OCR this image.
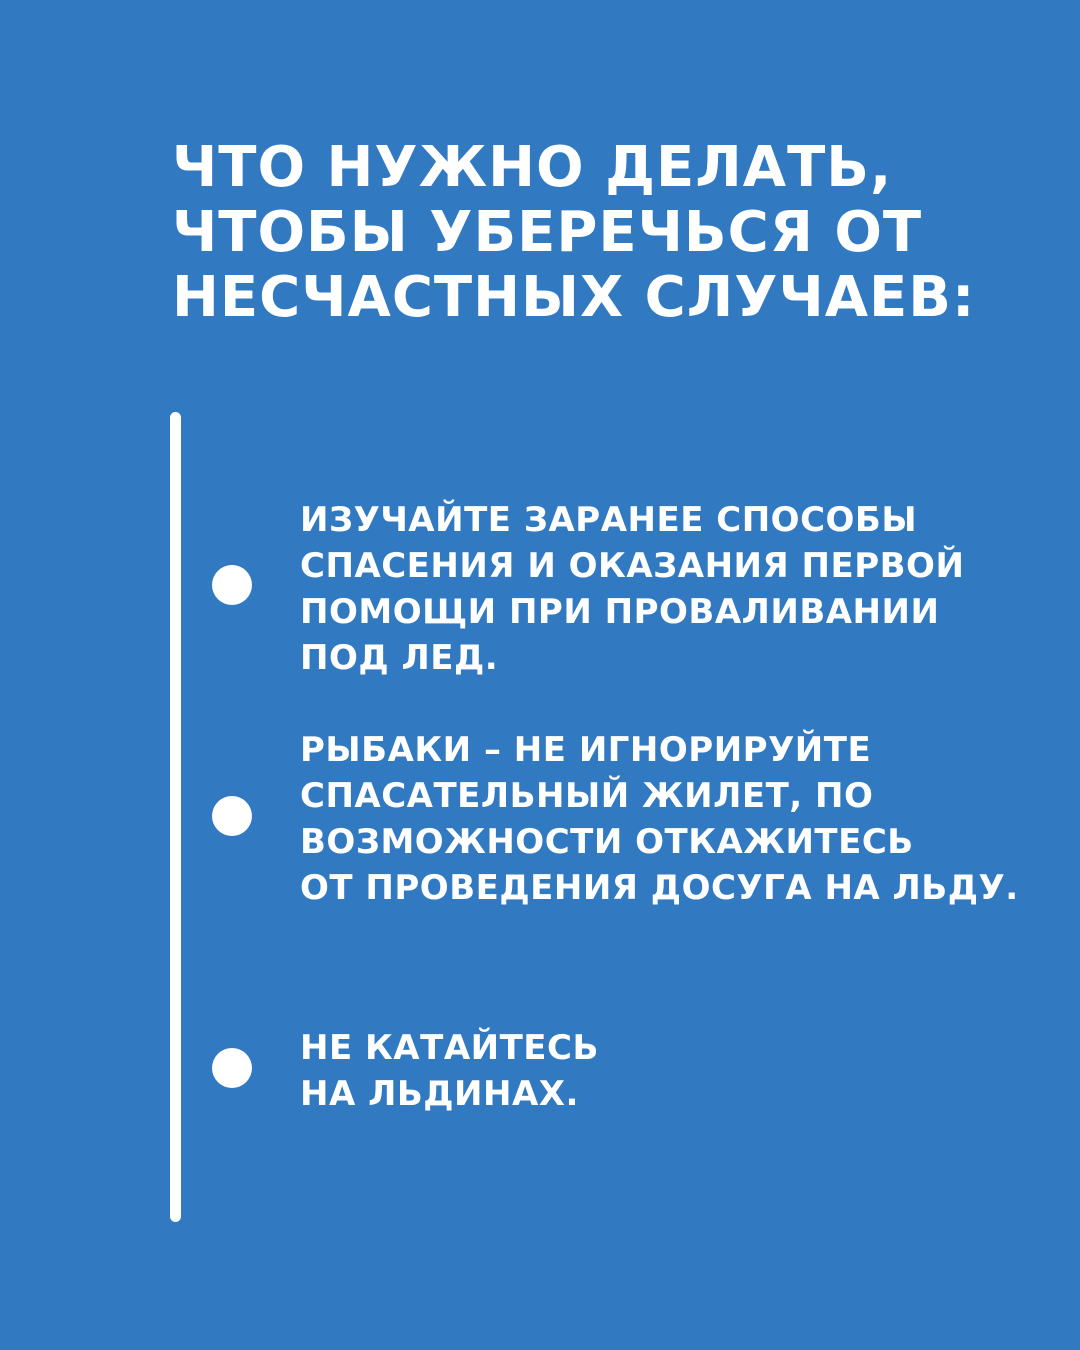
ЧТО НУЖНО ДЕЛАТЬ,
ЧТОБЫ УБЕРЕЧЬСЯ ОТ
НЕСЧАСТНЫХ СЛУЧАЕВ:
ИЗУЧАЙТЕ ЗАРАНЕЕ СПОСОБЫ
СПАСЕНИЯ И ОКАЗАНИЯ ПЕРВОЙ
ПОМОЩИ ПРИ ПРОВАЛИВАНИИ
ПОД ЛЕД.
РЫБАКИ – НЕ ИГНОРИРУЙТЕ
СПАСАТЕЛЬНЫЙ ЖИЛЕТ, ПО
ВОЗМОЖНОСТИ ОТКАЖИТЕСЬ
ОТ ПРОВЕДЕНИЯ ДОСУГА НА ЛЬДУ.
НЕ КАТАЙТЕСЬ
НА ЛЬДИНАХ.
